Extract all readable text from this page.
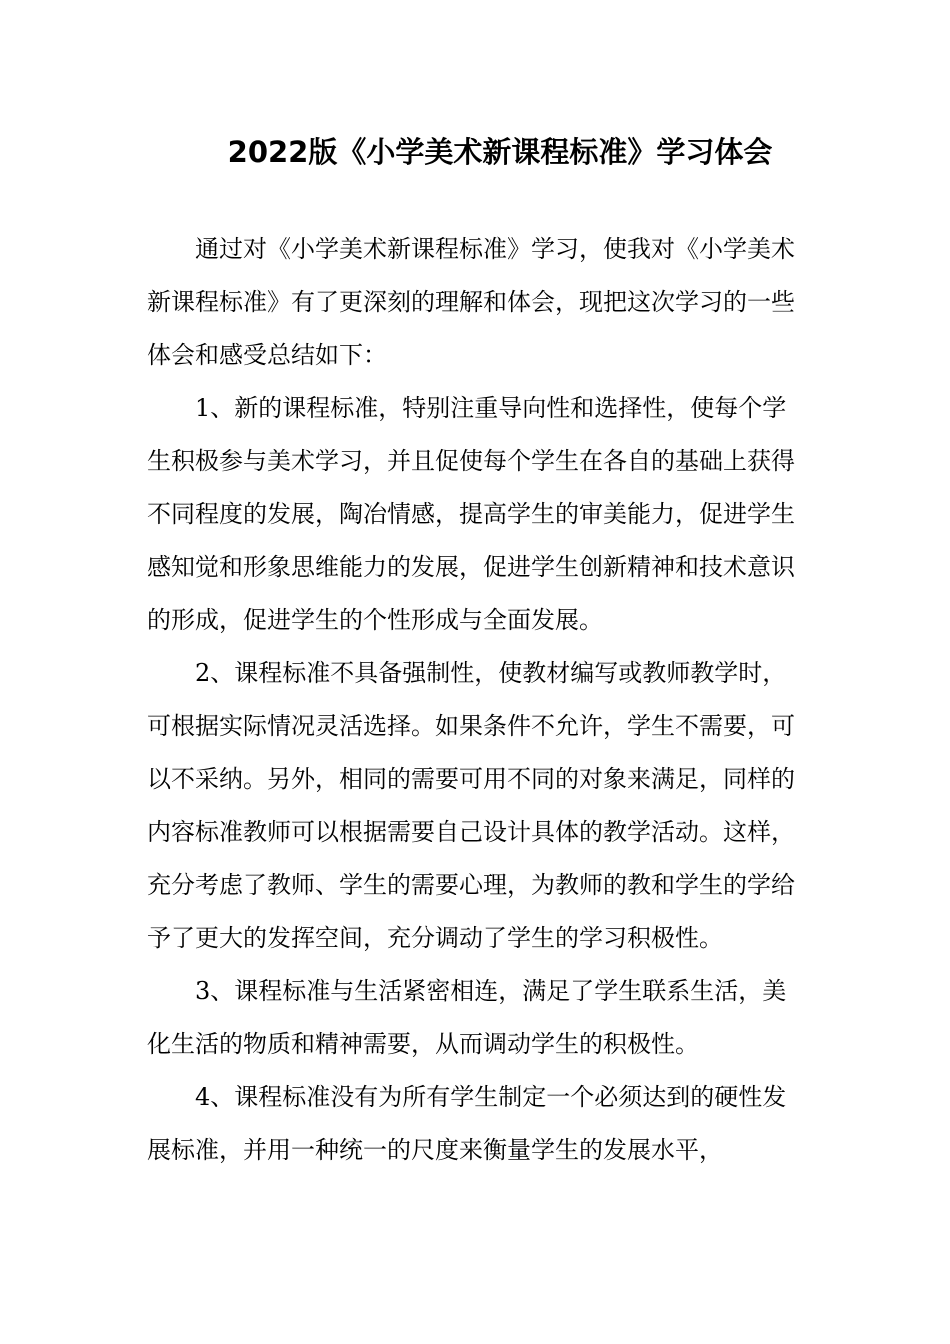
2022版《小学美术新课程标准》学习体会

通过对《小学美术新课程标准》学习，使我对《小学美术新课程标准》有了更深刻的理解和体会，现把这次学习的一些体会和感受总结如下：

1、新的课程标准，特别注重导向性和选择性，使每个学生积极参与美术学习，并且促使每个学生在各自的基础上获得不同程度的发展，陶冶情感，提高学生的审美能力，促进学生感知觉和形象思维能力的发展，促进学生创新精神和技术意识的形成，促进学生的个性形成与全面发展。

2、课程标准不具备强制性，使教材编写或教师教学时，可根据实际情况灵活选择。如果条件不允许，学生不需要，可以不采纳。另外，相同的需要可用不同的对象来满足，同样的内容标准教师可以根据需要自己设计具体的教学活动。这样，充分考虑了教师、学生的需要心理，为教师的教和学生的学给予了更大的发挥空间，充分调动了学生的学习积极性。

3、课程标准与生活紧密相连，满足了学生联系生活，美化生活的物质和精神需要，从而调动学生的积极性。

4、课程标准没有为所有学生制定一个必须达到的硬性发展标准，并用一种统一的尺度来衡量学生的发展水平，
